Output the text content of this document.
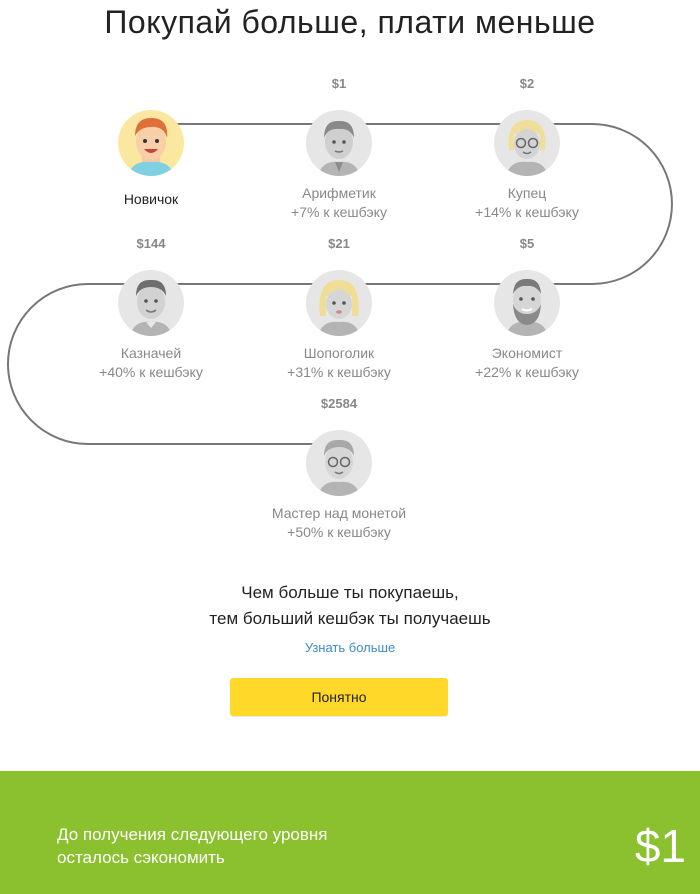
Покупай больше, плати меньше
Новичок
$1
Арифметик
+7% к кешбэку
$2
Купец
+14% к кешбэку
$5
Экономист
+22% к кешбэку
$21
Шопоголик
+31% к кешбэку
$144
Казначей
+40% к кешбэку
$2584
Мастер над монетой
+50% к кешбэку
Чем больше ты покупаешь,
тем больший кешбэк ты получаешь
Узнать больше
Понятно
До получения следующего уровня
осталось сэкономить	$1
